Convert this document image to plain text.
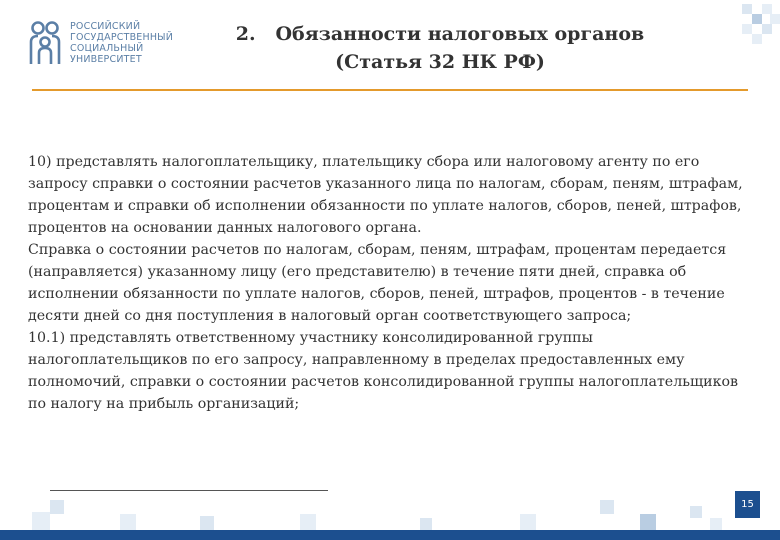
РОССИЙСКИЙ
ГОСУДАРСТВЕННЫЙ
СОЦИАЛЬНЫЙ
УНИВЕРСИТЕТ
2.   Обязанности налоговых органов
(Статья 32 НК РФ)
10) представлять налогоплательщику, плательщику сбора или налоговому агенту по его
запросу справки о состоянии расчетов указанного лица по налогам, сборам, пеням, штрафам,
процентам и справки об исполнении обязанности по уплате налогов, сборов, пеней, штрафов,
процентов на основании данных налогового органа.
Справка о состоянии расчетов по налогам, сборам, пеням, штрафам, процентам передается
(направляется) указанному лицу (его представителю) в течение пяти дней, справка об
исполнении обязанности по уплате налогов, сборов, пеней, штрафов, процентов - в течение
десяти дней со дня поступления в налоговый орган соответствующего запроса;
10.1) представлять ответственному участнику консолидированной группы
налогоплательщиков по его запросу, направленному в пределах предоставленных ему
полномочий, справки о состоянии расчетов консолидированной группы налогоплательщиков
по налогу на прибыль организаций;
15
